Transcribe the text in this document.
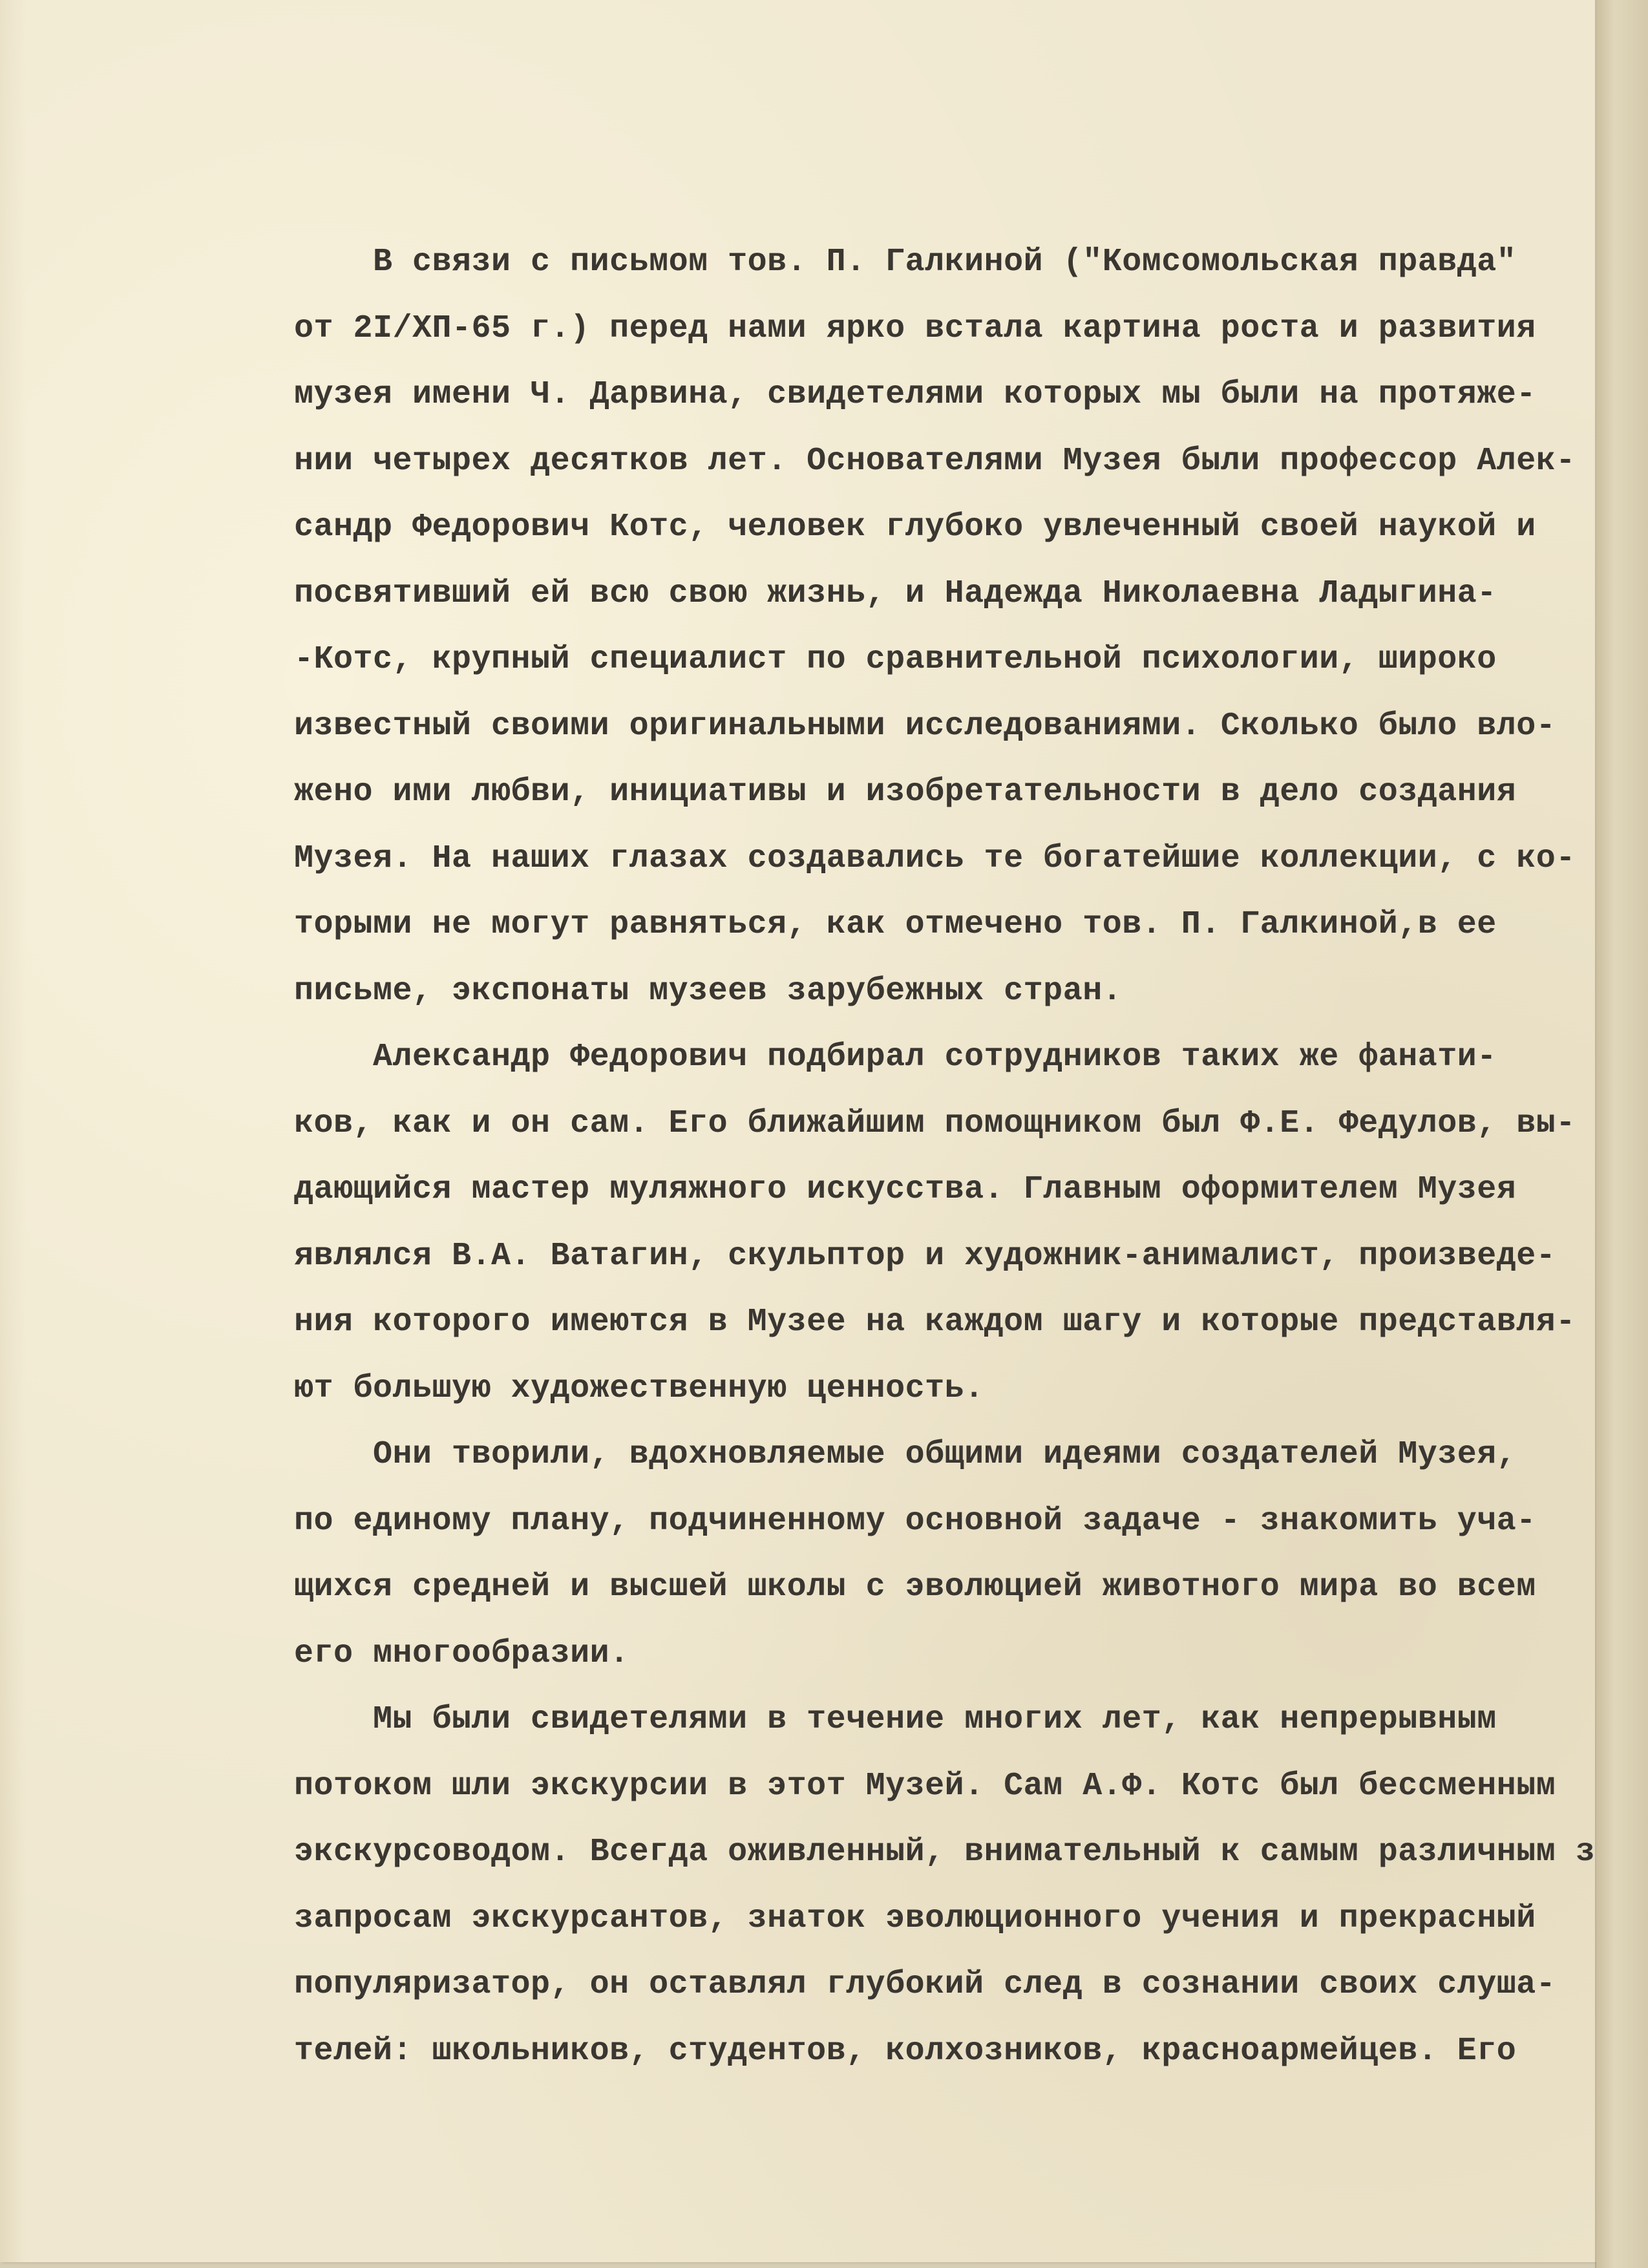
В связи с письмом тов. П. Галкиной ("Комсомольская правда"
от 2I/XП-65 г.) перед нами ярко встала картина роста и развития
музея имени Ч. Дарвина, свидетелями которых мы были на протяже-
нии четырех десятков лет. Основателями Музея были профессор Алек-
сандр Федорович Котс, человек глубоко увлеченный своей наукой и
посвятивший ей всю свою жизнь, и Надежда Николаевна Ладыгина-
-Котс, крупный специалист по сравнительной психологии, широко
известный своими оригинальными исследованиями. Сколько было вло-
жено ими любви, инициативы и изобретательности в дело создания
Музея. На наших глазах создавались те богатейшие коллекции, с ко-
торыми не могут равняться, как отмечено тов. П. Галкиной,в ее
письме, экспонаты музеев зарубежных стран.
Александр Федорович подбирал сотрудников таких же фанати-
ков, как и он сам. Его ближайшим помощником был Ф.Е. Федулов, вы-
дающийся мастер муляжного искусства. Главным оформителем Музея
являлся В.А. Ватагин, скульптор и художник-анималист, произведе-
ния которого имеются в Музее на каждом шагу и которые представля-
ют большую художественную ценность.
Они творили, вдохновляемые общими идеями создателей Музея,
по единому плану, подчиненному основной задаче - знакомить уча-
щихся средней и высшей школы с эволюцией животного мира во всем
его многообразии.
Мы были свидетелями в течение многих лет, как непрерывным
потоком шли экскурсии в этот Музей. Сам А.Ф. Котс был бессменным
экскурсоводом. Всегда оживленный, внимательный к самым различным з
запросам экскурсантов, знаток эволюционного учения и прекрасный
популяризатор, он оставлял глубокий след в сознании своих слуша-
телей: школьников, студентов, колхозников, красноармейцев. Его
